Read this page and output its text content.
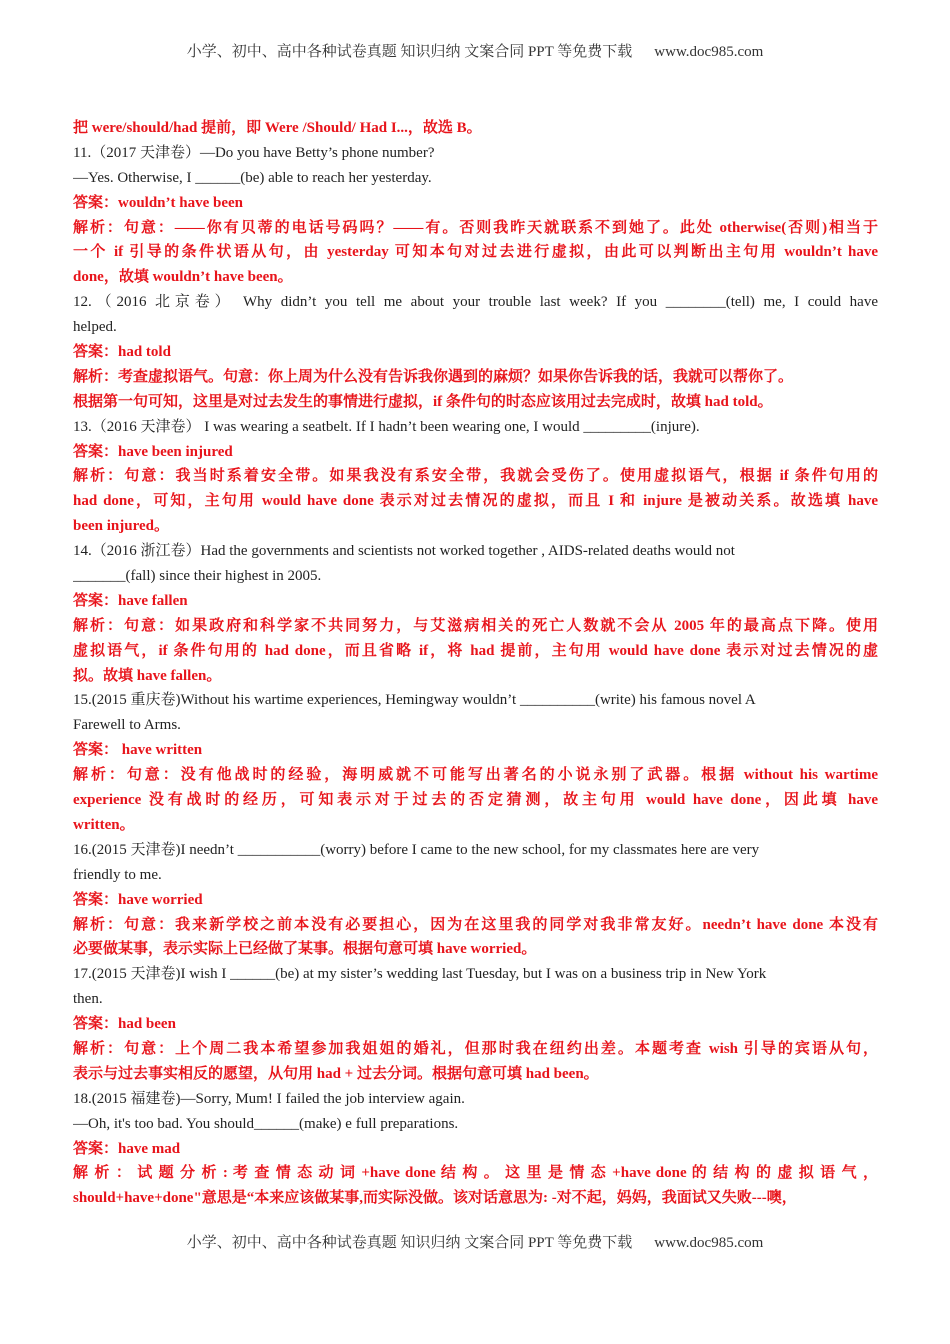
小学、初中、高中各种试卷真题 知识归纳 文案合同 PPT 等免费下载 www.doc985.com
把 were/should/had 提前，即 Were /Should/ Had I...，故选 B。
11.（2017 天津卷）—Do you have Betty’s phone number?
—Yes. Otherwise, I ______(be) able to reach her yesterday.
答案：wouldn’t have been
解析：句意：——你有贝蒂的电话号码吗？——有。否则我昨天就联系不到她了。此处 otherwise(否则)相当于
一个 if 引导的条件状语从句，由 yesterday 可知本句对过去进行虚拟，由此可以判断出主句用 wouldn’t have
done，故填 wouldn’t have been。
12.（2016 北京卷） Why didn’t you tell me about your trouble last week? If you ________(tell) me, I could have
helped.
答案：had told
解析：考查虚拟语气。句意：你上周为什么没有告诉我你遇到的麻烦？如果你告诉我的话，我就可以帮你了。
根据第一句可知，这里是对过去发生的事情进行虚拟，if 条件句的时态应该用过去完成时，故填 had told。
13.（2016 天津卷） I was wearing a seatbelt. If I hadn’t been wearing one, I would _________(injure).
答案：have been injured
解析：句意：我当时系着安全带。如果我没有系安全带，我就会受伤了。使用虚拟语气，根据 if 条件句用的
had done，可知，主句用 would have done 表示对过去情况的虚拟，而且 I 和 injure 是被动关系。故选填 have
been injured。
14.（2016 浙江卷）Had the governments and scientists not worked together , AIDS-related deaths would not
_______(fall) since their highest in 2005.
答案：have fallen
解析：句意：如果政府和科学家不共同努力，与艾滋病相关的死亡人数就不会从 2005 年的最高点下降。使用
虚拟语气，if 条件句用的 had done，而且省略 if，将 had 提前，主句用 would have done 表示对过去情况的虚
拟。故填 have fallen。
15.(2015 重庆卷)Without his wartime experiences, Hemingway wouldn’t __________(write) his famous novel A
Farewell to Arms.
答案： have written
解析：句意：没有他战时的经验，海明威就不可能写出著名的小说永别了武器。根据 without his wartime
experience 没有战时的经历，可知表示对于过去的否定猜测，故主句用 would have done，因此填 have
written。
16.(2015 天津卷)I needn’t ___________(worry) before I came to the new school, for my classmates here are very
friendly to me.
答案：have worried
解析：句意：我来新学校之前本没有必要担心，因为在这里我的同学对我非常友好。needn’t have done 本没有
必要做某事，表示实际上已经做了某事。根据句意可填 have worried。
17.(2015 天津卷)I wish I ______(be) at my sister’s wedding last Tuesday, but I was on a business trip in New York
then.
答案：had been
解析：句意：上个周二我本希望参加我姐姐的婚礼，但那时我在纽约出差。本题考查 wish 引导的宾语从句，
表示与过去事实相反的愿望，从句用 had + 过去分词。根据句意可填 had been。
18.(2015 福建卷)—Sorry, Mum! I failed the job interview again.
—Oh, it's too bad. You should______(make) e full preparations.
答案：have mad
解 析 ： 试 题 分 析 : 考 查 情 态 动 词 +have done 结 构 。 这 里 是 情 态 +have done 的 结 构 的 虚 拟 语 气 ，
should+have+done"意思是“本来应该做某事,而实际没做。该对话意思为: -对不起，妈妈，我面试又失败---噢，
小学、初中、高中各种试卷真题 知识归纳 文案合同 PPT 等免费下载 www.doc985.com
